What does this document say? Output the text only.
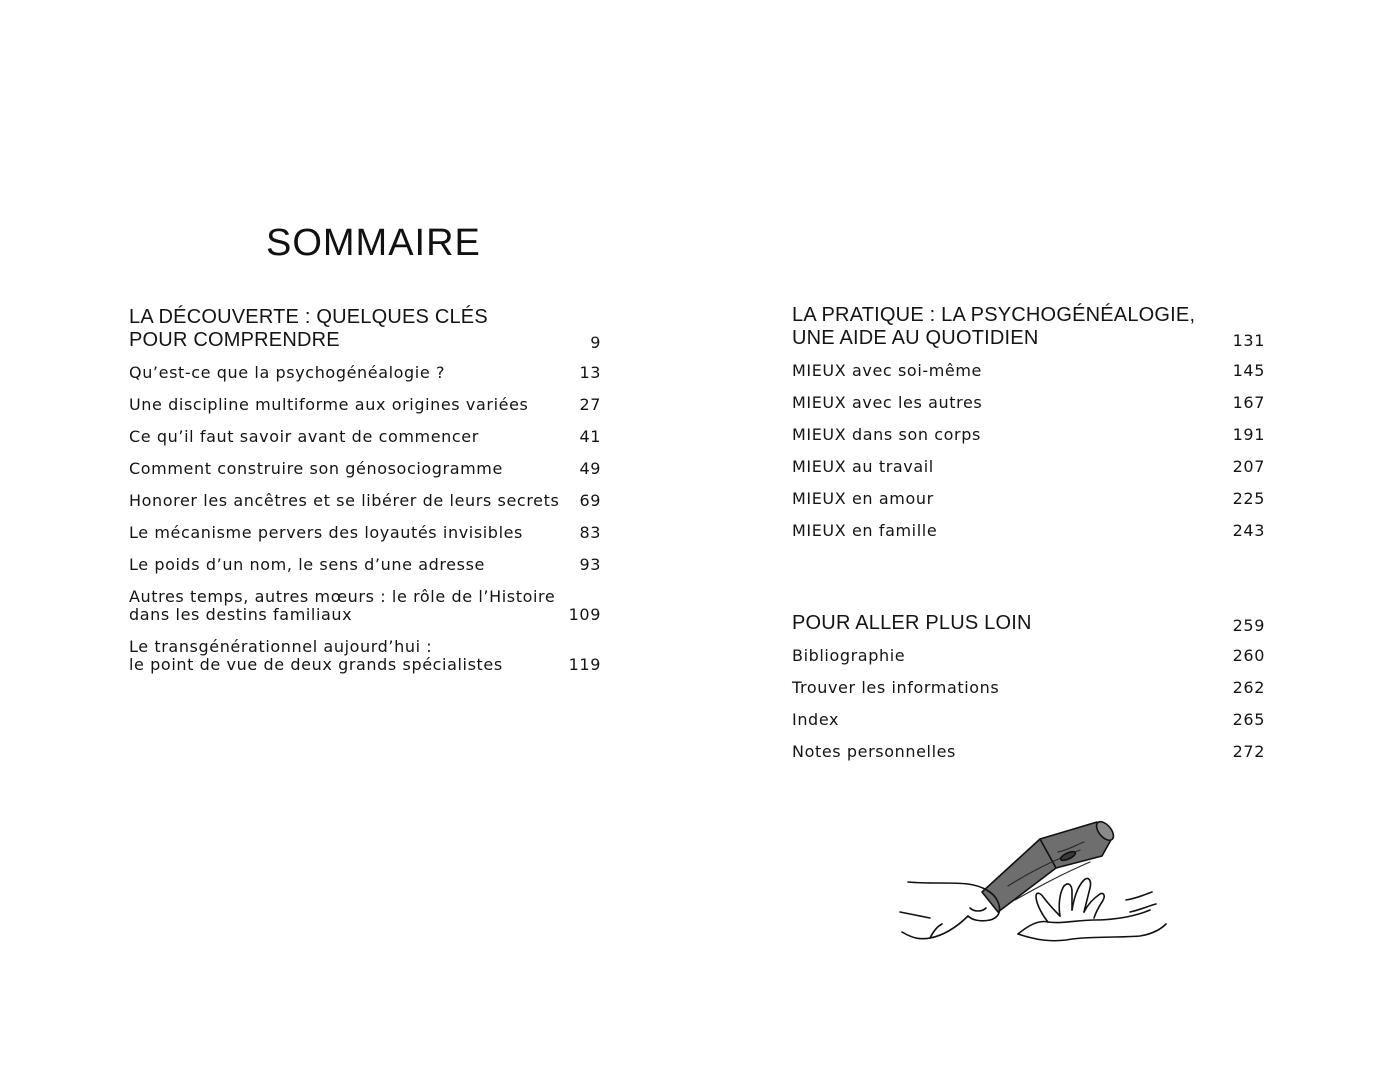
SOMMAIRE
LA DÉCOUVERTE : QUELQUES CLÉS
POUR COMPRENDRE	9
Qu’est-ce que la psychogénéalogie ?	13
Une discipline multiforme aux origines variées	27
Ce qu’il faut savoir avant de commencer	41
Comment construire son génosociogramme	49
Honorer les ancêtres et se libérer de leurs secrets 69
Le mécanisme pervers des loyautés invisibles	83
Le poids d’un nom, le sens d’une adresse	93
Autres temps, autres mœurs : le rôle de l’Histoire
dans les destins familiaux	109
Le transgénérationnel aujourd’hui :
le point de vue de deux grands spécialistes	119
LA PRATIQUE : LA PSYCHOGÉNÉALOGIE,
UNE AIDE AU QUOTIDIEN	131
MIEUX avec soi-même	145
MIEUX avec les autres	167
MIEUX dans son corps	191
MIEUX au travail	207
MIEUX en amour	225
MIEUX en famille	243
POUR ALLER PLUS LOIN	259
Bibliographie	260
Trouver les informations	262
Index	265
Notes personnelles	272
